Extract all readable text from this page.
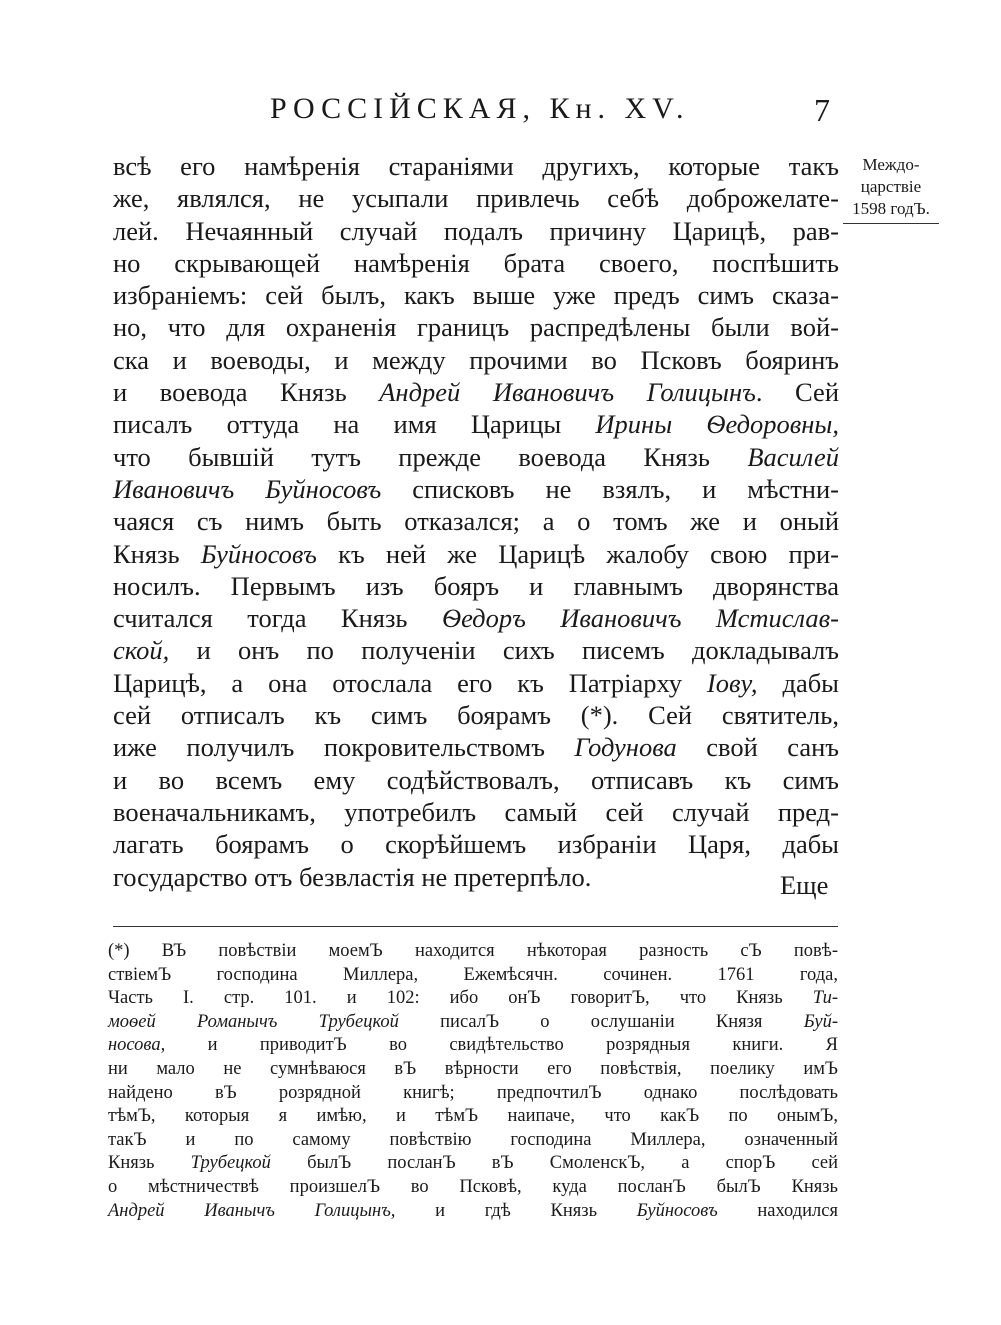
РОССІЙСКАЯ, Кн. XV.	7
Междо-
царствіе
1598 годЪ.
всѣ его намѣренія стараніями другихъ, которые такъ
же, являлся, не усыпали привлечь себѣ доброжелате-
лей. Нечаянный случай подалъ причину Царицѣ, рав-
но скрывающей намѣренія брата своего, поспѣшить
избраніемъ: сей былъ, какъ выше уже предъ симъ сказа-
но, что для охраненія границъ распредѣлены были вой-
ска и воеводы, и между прочими во Псковъ бояринъ
и воевода Князь Андрей Ивановичъ Голицынъ. Сей
писалъ оттуда на имя Царицы Ирины Ѳедоровны,
что бывшій тутъ прежде воевода Князь Василей
Ивановичъ Буйносовъ списковъ не взялъ, и мѣстни-
чаяся съ нимъ быть отказался; а о томъ же и оный
Князь Буйносовъ къ ней же Царицѣ жалобу свою при-
носилъ. Первымъ изъ бояръ и главнымъ дворянства
считался тогда Князь Ѳедоръ Ивановичъ Мстислав-
ской, и онъ по полученіи сихъ писемъ докладывалъ
Царицѣ, а она отослала его къ Патріарху Іову, дабы
сей отписалъ къ симъ боярамъ (*). Сей святитель,
иже получилъ покровительствомъ Годунова свой санъ
и во всемъ ему содѣйствовалъ, отписавъ къ симъ
военачальникамъ, употребилъ самый сей случай пред-
лагать боярамъ о скорѣйшемъ избраніи Царя, дабы
государство отъ безвластія не претерпѣло.	Еще
(*) ВЪ повѣствіи моемЪ находится нѣкоторая разность сЪ повѣ-
ствіемЪ господина Миллера, Ежемѣсячн. сочинен. 1761 года,
Часть I. стр. 101. и 102: ибо онЪ говоритЪ, что Князь Ти-
моѳей Романычъ Трубецкой писалЪ о ослушаніи Князя Буй-
носова, и приводитЪ во свидѣтельство розрядныя книги. Я
ни мало не сумнѣваюся вЪ вѣрности его повѣствія, поелику имЪ
найдено вЪ розрядной книгѣ; предпочтилЪ однако послѣдовать
тѣмЪ, которыя я имѣю, и тѣмЪ наипаче, что какЪ по онымЪ,
такЪ и по самому повѣствію господина Миллера, означенный
Князь Трубецкой былЪ посланЪ вЪ СмоленскЪ, а спорЪ сей
о мѣстничествѣ произшелЪ во Псковѣ, куда посланЪ былЪ Князь
Андрей Иванычъ Голицынъ, и гдѣ Князь Буйносовъ находился
